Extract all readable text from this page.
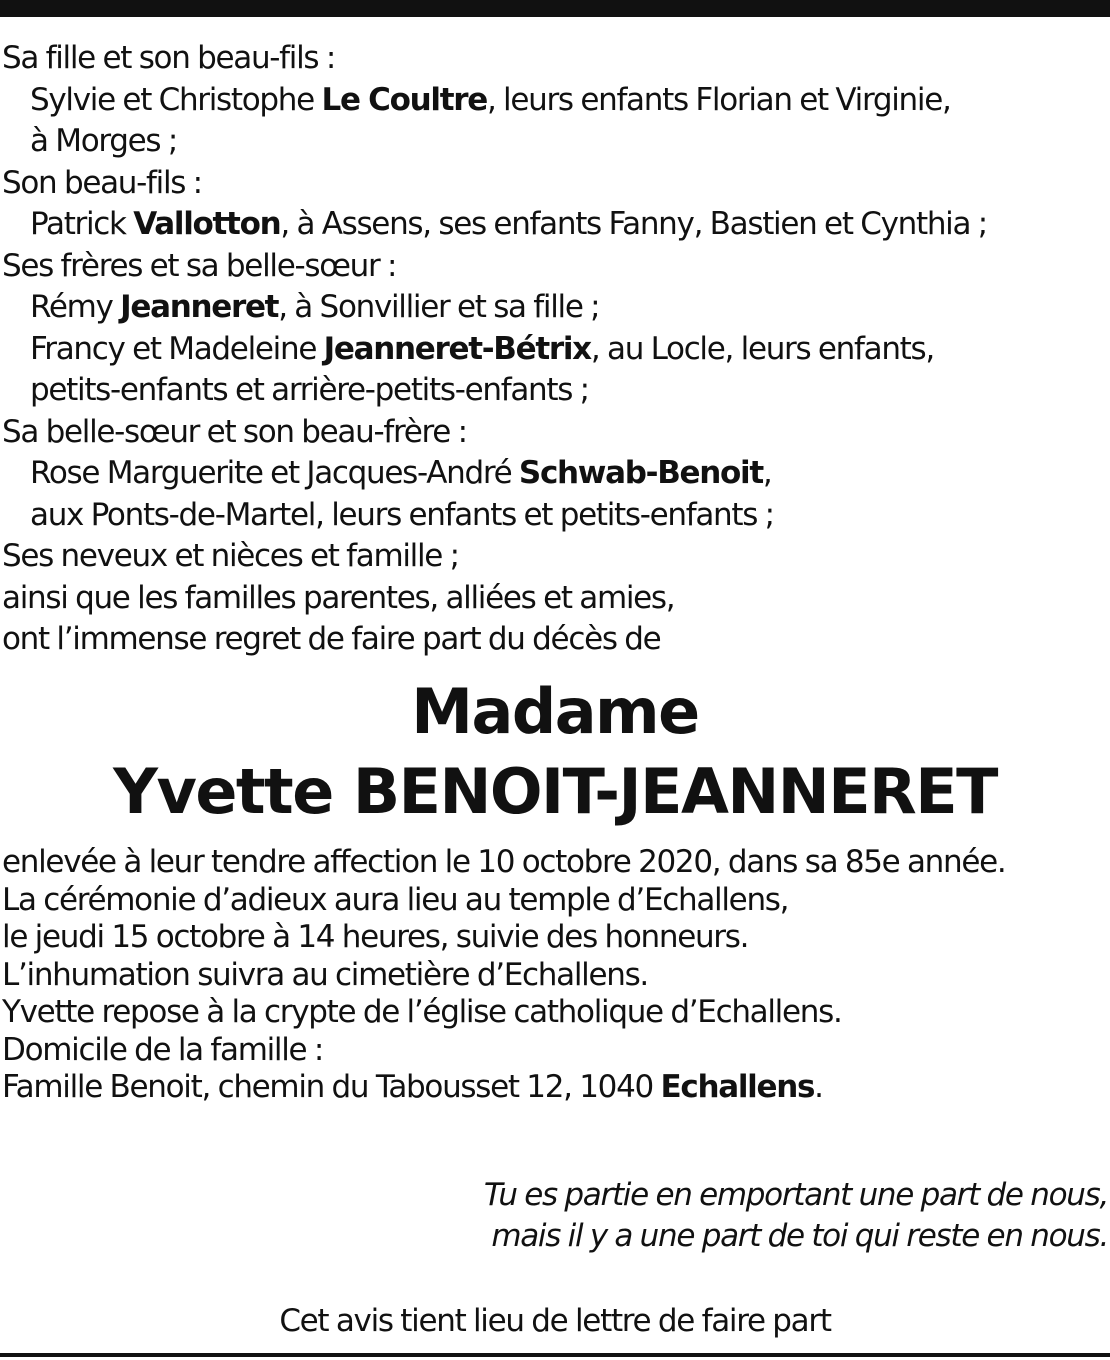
Sa fille et son beau-fils :
Sylvie et Christophe Le Coultre, leurs enfants Florian et Virginie,
à Morges ;
Son beau-fils :
Patrick Vallotton, à Assens, ses enfants Fanny, Bastien et Cynthia ;
Ses frères et sa belle-sœur :
Rémy Jeanneret, à Sonvillier et sa fille ;
Francy et Madeleine Jeanneret-Bétrix, au Locle, leurs enfants,
petits-enfants et arrière-petits-enfants ;
Sa belle-sœur et son beau-frère :
Rose Marguerite et Jacques-André Schwab-Benoit,
aux Ponts-de-Martel, leurs enfants et petits-enfants ;
Ses neveux et nièces et famille ;
ainsi que les familles parentes, alliées et amies,
ont l’immense regret de faire part du décès de
Madame
Yvette BENOIT-JEANNERET
enlevée à leur tendre affection le 10 octobre 2020, dans sa 85e année.
La cérémonie d’adieux aura lieu au temple d’Echallens,
le jeudi 15 octobre à 14 heures, suivie des honneurs.
L’inhumation suivra au cimetière d’Echallens.
Yvette repose à la crypte de l’église catholique d’Echallens.
Domicile de la famille :
Famille Benoit, chemin du Tabousset 12, 1040 Echallens.
Tu es partie en emportant une part de nous,
mais il y a une part de toi qui reste en nous.
Cet avis tient lieu de lettre de faire part
